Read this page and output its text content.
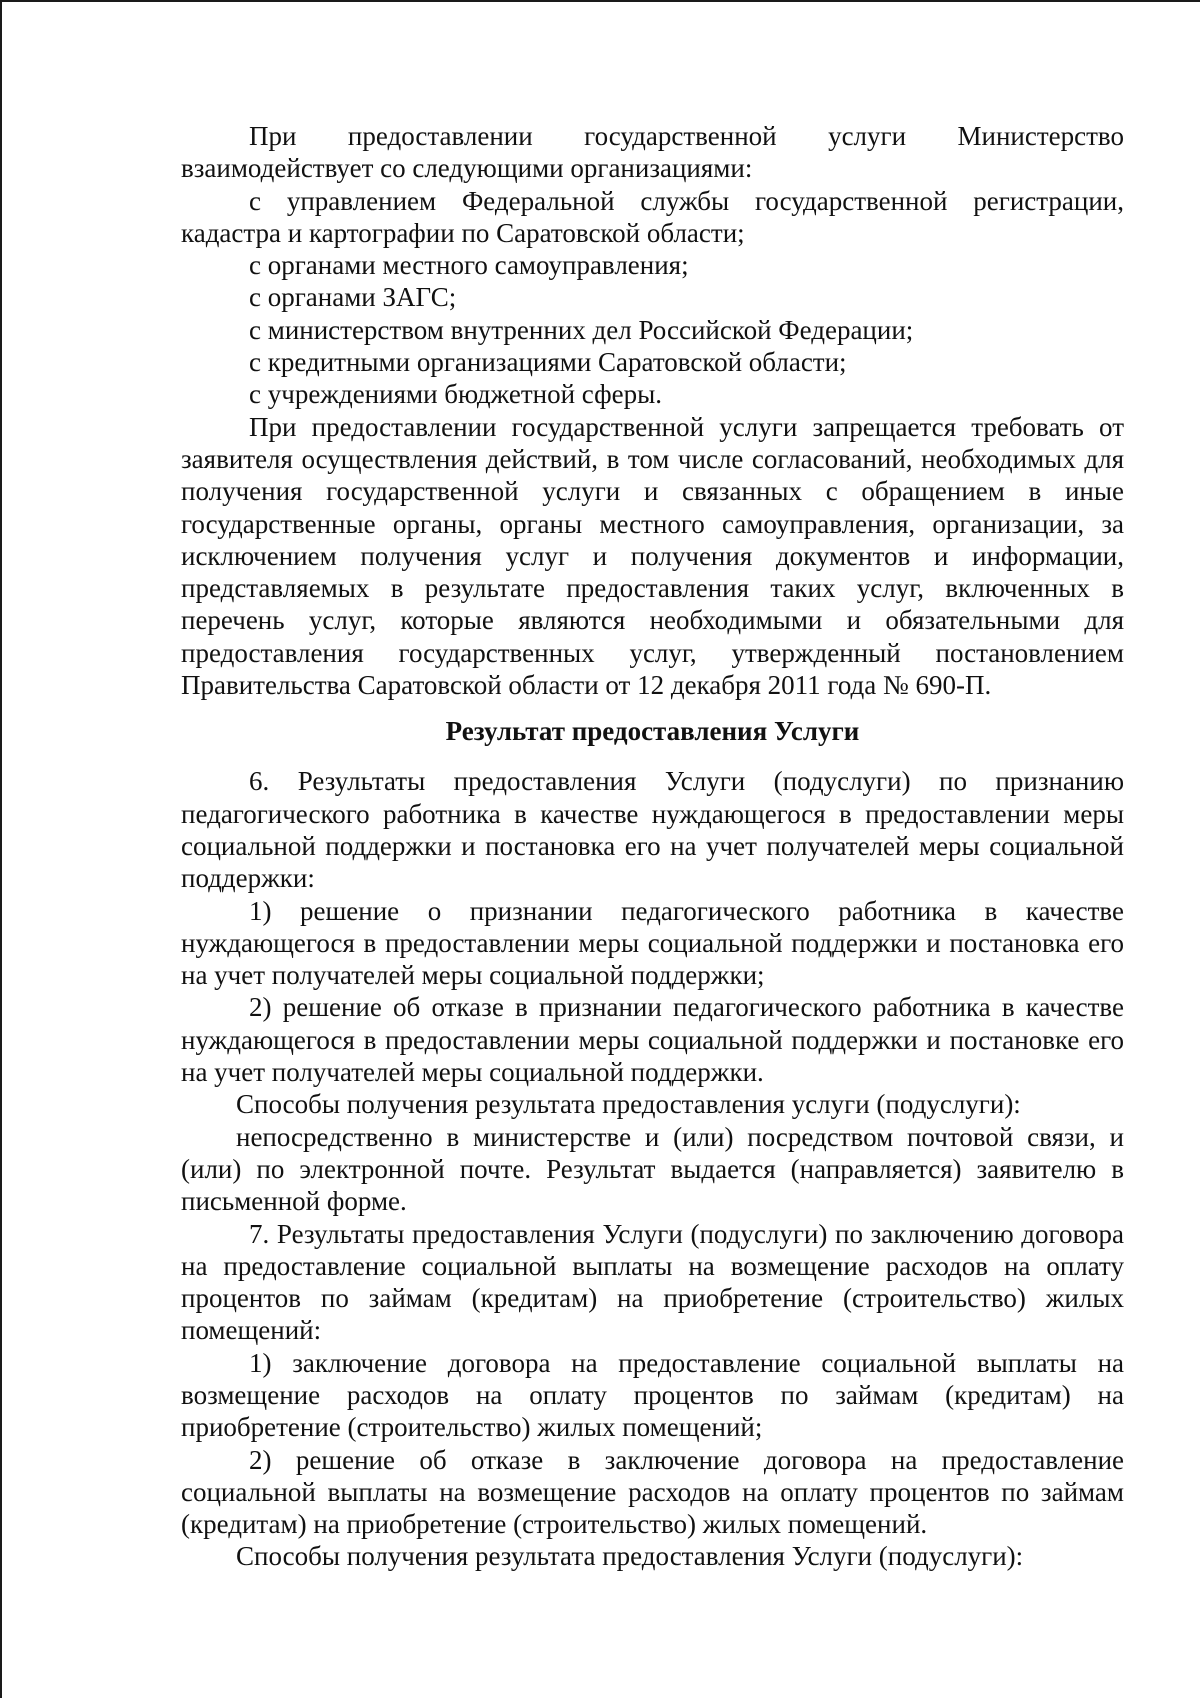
При предоставлении государственной услуги Министерство взаимодействует со следующими организациями:

с управлением Федеральной службы государственной регистрации, кадастра и картографии по Саратовской области;

с органами местного самоуправления;

с органами ЗАГС;

с министерством внутренних дел Российской Федерации;

с кредитными организациями Саратовской области;

с учреждениями бюджетной сферы.

При предоставлении государственной услуги запрещается требовать от заявителя осуществления действий, в том числе согласований, необходимых для получения государственной услуги и связанных с обращением в иные государственные органы, органы местного самоуправления, организации, за исключением получения услуг и получения документов и информации, представляемых в результате предоставления таких услуг, включенных в перечень услуг, которые являются необходимыми и обязательными для предоставления государственных услуг, утвержденный постановлением Правительства Саратовской области от 12 декабря 2011 года № 690-П.

Результат предоставления Услуги

6. Результаты предоставления Услуги (подуслуги) по признанию педагогического работника в качестве нуждающегося в предоставлении меры социальной поддержки и постановка его на учет получателей меры социальной поддержки:

1) решение о признании педагогического работника в качестве нуждающегося в предоставлении меры социальной поддержки и постановка его на учет получателей меры социальной поддержки;

2) решение об отказе в признании педагогического работника в качестве нуждающегося в предоставлении меры социальной поддержки и постановке его на учет получателей меры социальной поддержки.

Способы получения результата предоставления услуги (подуслуги):

непосредственно в министерстве и (или) посредством почтовой связи, и (или) по электронной почте. Результат выдается (направляется) заявителю в письменной форме.

7. Результаты предоставления Услуги (подуслуги) по заключению договора на предоставление социальной выплаты на возмещение расходов на оплату процентов по займам (кредитам) на приобретение (строительство) жилых помещений:

1) заключение договора на предоставление социальной выплаты на возмещение расходов на оплату процентов по займам (кредитам) на приобретение (строительство) жилых помещений;

2) решение об отказе в заключение договора на предоставление социальной выплаты на возмещение расходов на оплату процентов по займам (кредитам) на приобретение (строительство) жилых помещений.

Способы получения результата предоставления Услуги (подуслуги):
